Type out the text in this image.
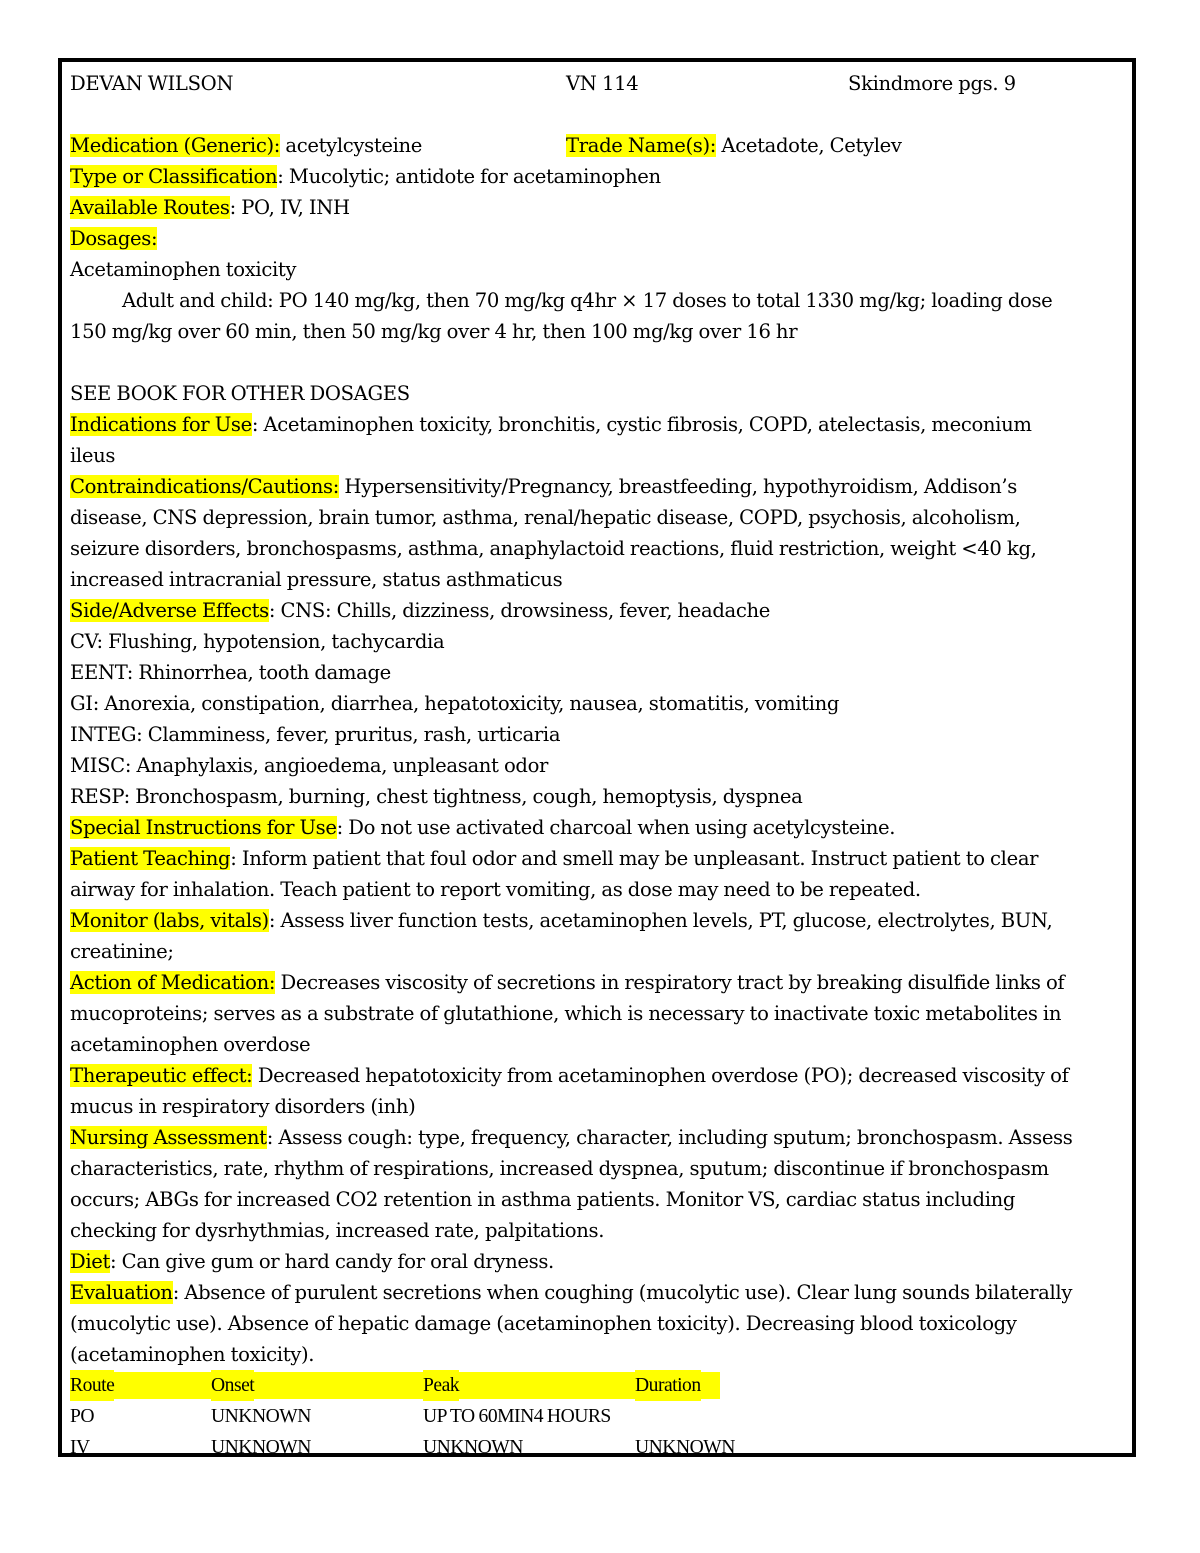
DEVAN WILSON	VN 114	Skindmore pgs. 9
Medication (Generic): acetylcysteine	Trade Name(s): Acetadote, Cetylev
Type or Classification: Mucolytic; antidote for acetaminophen
Available Routes: PO, IV, INH
Dosages:
Acetaminophen toxicity
Adult and child: PO 140 mg/kg, then 70 mg/kg q4hr × 17 doses to total 1330 mg/kg; loading dose
150 mg/kg over 60 min, then 50 mg/kg over 4 hr, then 100 mg/kg over 16 hr
SEE BOOK FOR OTHER DOSAGES
Indications for Use: Acetaminophen toxicity, bronchitis, cystic fibrosis, COPD, atelectasis, meconium
ileus
Contraindications/Cautions: Hypersensitivity/Pregnancy, breastfeeding, hypothyroidism, Addison’s
disease, CNS depression, brain tumor, asthma, renal/hepatic disease, COPD, psychosis, alcoholism,
seizure disorders, bronchospasms, asthma, anaphylactoid reactions, fluid restriction, weight <40 kg,
increased intracranial pressure, status asthmaticus
Side/Adverse Effects: CNS: Chills, dizziness, drowsiness, fever, headache
CV: Flushing, hypotension, tachycardia
EENT: Rhinorrhea, tooth damage
GI: Anorexia, constipation, diarrhea, hepatotoxicity, nausea, stomatitis, vomiting
INTEG: Clamminess, fever, pruritus, rash, urticaria
MISC: Anaphylaxis, angioedema, unpleasant odor
RESP: Bronchospasm, burning, chest tightness, cough, hemoptysis, dyspnea
Special Instructions for Use: Do not use activated charcoal when using acetylcysteine.
Patient Teaching: Inform patient that foul odor and smell may be unpleasant. Instruct patient to clear
airway for inhalation. Teach patient to report vomiting, as dose may need to be repeated.
Monitor (labs, vitals): Assess liver function tests, acetaminophen levels, PT, glucose, electrolytes, BUN,
creatinine;
Action of Medication: Decreases viscosity of secretions in respiratory tract by breaking disulfide links of
mucoproteins; serves as a substrate of glutathione, which is necessary to inactivate toxic metabolites in
acetaminophen overdose
Therapeutic effect: Decreased hepatotoxicity from acetaminophen overdose (PO); decreased viscosity of
mucus in respiratory disorders (inh)
Nursing Assessment: Assess cough: type, frequency, character, including sputum; bronchospasm. Assess
characteristics, rate, rhythm of respirations, increased dyspnea, sputum; discontinue if bronchospasm
occurs; ABGs for increased CO2 retention in asthma patients. Monitor VS, cardiac status including
checking for dysrhythmias, increased rate, palpitations.
Diet: Can give gum or hard candy for oral dryness.
Evaluation: Absence of purulent secretions when coughing (mucolytic use). Clear lung sounds bilaterally
(mucolytic use). Absence of hepatic damage (acetaminophen toxicity). Decreasing blood toxicology
(acetaminophen toxicity).
Route	Onset	Peak	Duration
PO	UNKNOWN	UP TO 60MIN4 HOURS
IV	UNKNOWN	UNKNOWN	UNKNOWN
